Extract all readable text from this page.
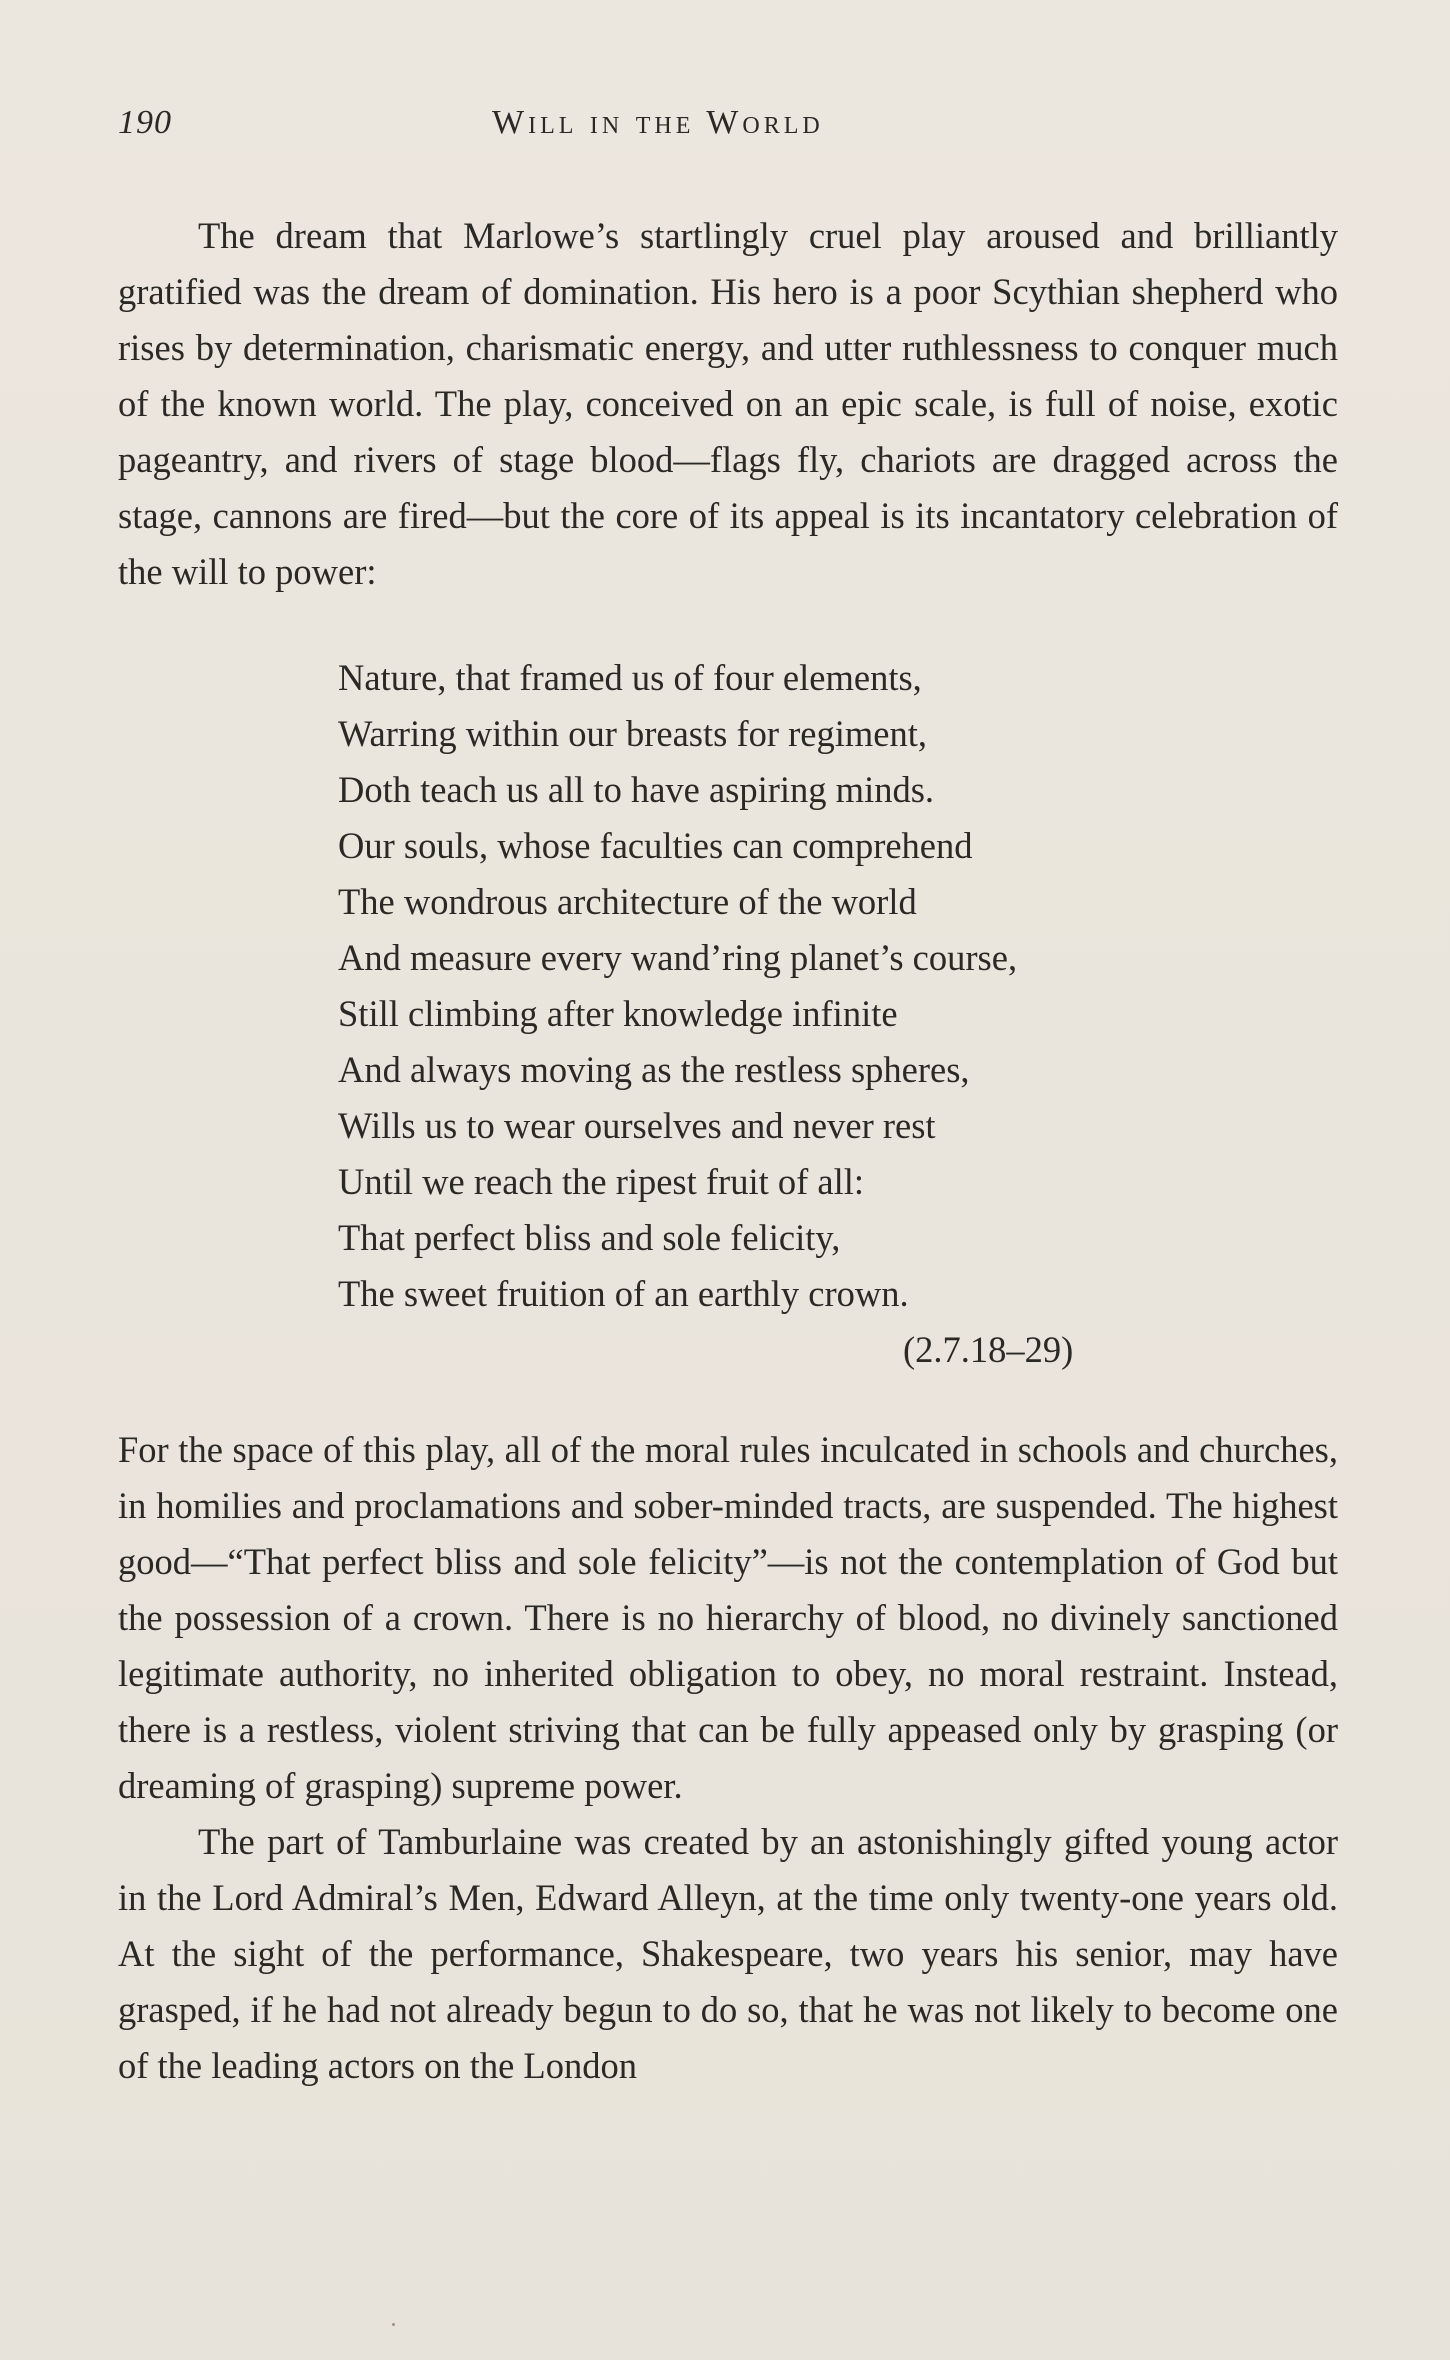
190	Will in the World

The dream that Marlowe’s startlingly cruel play aroused and brilliantly gratified was the dream of domination. His hero is a poor Scythian shepherd who rises by determination, charismatic energy, and utter ruthlessness to conquer much of the known world. The play, conceived on an epic scale, is full of noise, exotic pageantry, and rivers of stage blood—flags fly, chariots are dragged across the stage, cannons are fired—but the core of its appeal is its incantatory celebration of the will to power:

Nature, that framed us of four elements,
Warring within our breasts for regiment,
Doth teach us all to have aspiring minds.
Our souls, whose faculties can comprehend
The wondrous architecture of the world
And measure every wand’ring planet’s course,
Still climbing after knowledge infinite
And always moving as the restless spheres,
Wills us to wear ourselves and never rest
Until we reach the ripest fruit of all:
That perfect bliss and sole felicity,
The sweet fruition of an earthly crown.
(2.7.18–29)

For the space of this play, all of the moral rules inculcated in schools and churches, in homilies and proclamations and sober-minded tracts, are suspended. The highest good—“That perfect bliss and sole felicity”—is not the contemplation of God but the possession of a crown. There is no hierarchy of blood, no divinely sanctioned legitimate authority, no inherited obligation to obey, no moral restraint. Instead, there is a restless, violent striving that can be fully appeased only by grasping (or dreaming of grasping) supreme power.

The part of Tamburlaine was created by an astonishingly gifted young actor in the Lord Admiral’s Men, Edward Alleyn, at the time only twenty-one years old. At the sight of the performance, Shakespeare, two years his senior, may have grasped, if he had not already begun to do so, that he was not likely to become one of the leading actors on the London
